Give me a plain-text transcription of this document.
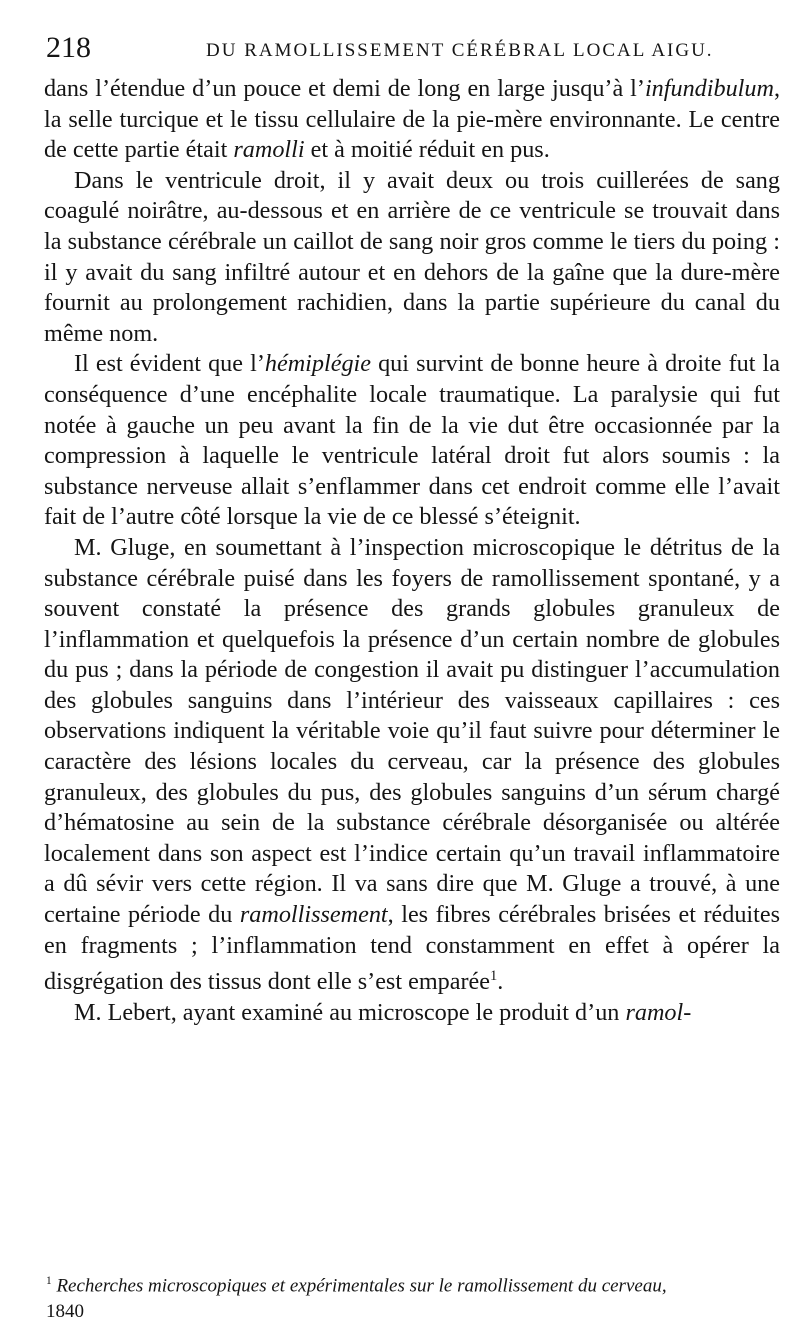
218	DU RAMOLLISSEMENT CÉRÉBRAL LOCAL AIGU.

dans l’étendue d’un pouce et demi de long en large jusqu’à l’infundibulum, la selle turcique et le tissu cellulaire de la pie-mère environnante. Le centre de cette partie était ramolli et à moitié réduit en pus.

Dans le ventricule droit, il y avait deux ou trois cuillerées de sang coagulé noirâtre, au-dessous et en arrière de ce ventricule se trouvait dans la substance cérébrale un caillot de sang noir gros comme le tiers du poing : il y avait du sang infiltré autour et en dehors de la gaîne que la dure-mère fournit au prolongement rachidien, dans la partie supérieure du canal du même nom.

Il est évident que l’hémiplégie qui survint de bonne heure à droite fut la conséquence d’une encéphalite locale traumatique. La paralysie qui fut notée à gauche un peu avant la fin de la vie dut être occasionnée par la compression à laquelle le ventricule latéral droit fut alors soumis : la substance nerveuse allait s’enflammer dans cet endroit comme elle l’avait fait de l’autre côté lorsque la vie de ce blessé s’éteignit.

M. Gluge, en soumettant à l’inspection microscopique le détritus de la substance cérébrale puisé dans les foyers de ramollissement spontané, y a souvent constaté la présence des grands globules granuleux de l’inflammation et quelquefois la présence d’un certain nombre de globules du pus ; dans la période de congestion il avait pu distinguer l’accumulation des globules sanguins dans l’intérieur des vaisseaux capillaires : ces observations indiquent la véritable voie qu’il faut suivre pour déterminer le caractère des lésions locales du cerveau, car la présence des globules granuleux, des globules du pus, des globules sanguins d’un sérum chargé d’hématosine au sein de la substance cérébrale désorganisée ou altérée localement dans son aspect est l’indice certain qu’un travail inflammatoire a dû sévir vers cette région. Il va sans dire que M. Gluge a trouvé, à une certaine période du ramollissement, les fibres cérébrales brisées et réduites en fragments ; l’inflammation tend constamment en effet à opérer la disgrégation des tissus dont elle s’est emparée$^1$.

M. Lebert, ayant examiné au microscope le produit d’un ramol-

$^1$ Recherches microscopiques et expérimentales sur le ramollissement du cerveau,
1840
